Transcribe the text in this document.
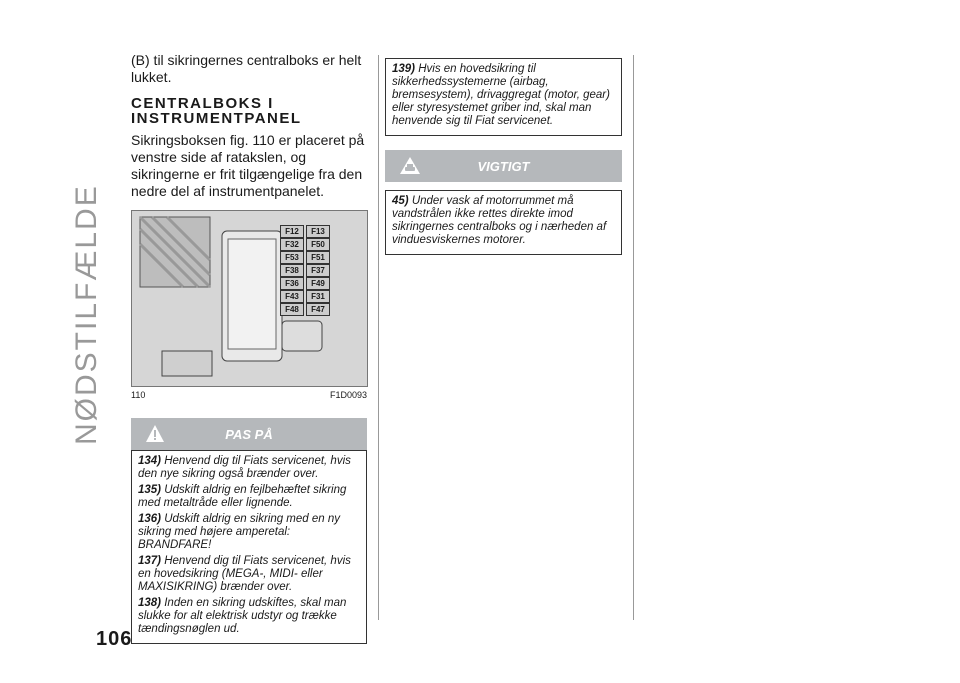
NØDSTILFÆLDE
(B) til sikringernes centralboks er helt lukket.
CENTRALBOKS I
INSTRUMENTPANEL
Sikringsboksen fig. 110 er placeret på venstre side af ratakslen, og sikringerne er frit tilgængelige fra den nedre del af instrumentpanelet.
F12	F13
F32	F50
F53	F51
F38	F37
F36	F49
F43	F31
F48	F47
110	F1D0093
PAS PÅ

134) Henvend dig til Fiats servicenet, hvis den nye sikring også brænder over.

135) Udskift aldrig en fejlbehæftet sikring med metaltråde eller lignende.

136) Udskift aldrig en sikring med en ny sikring med højere amperetal: BRANDFARE!

137) Henvend dig til Fiats servicenet, hvis en hovedsikring (MEGA-, MIDI- eller MAXISIKRING) brænder over.

138) Inden en sikring udskiftes, skal man slukke for alt elektrisk udstyr og trække tændingsnøglen ud.

139) Hvis en hovedsikring til sikkerhedssystemerne (airbag, bremsesystem), drivaggregat (motor, gear) eller styresystemet griber ind, skal man henvende sig til Fiat servicenet.

VIGTIGT

45) Under vask af motorrummet må vandstrålen ikke rettes direkte imod sikringernes centralboks og i nærheden af vinduesviskernes motorer.

106
